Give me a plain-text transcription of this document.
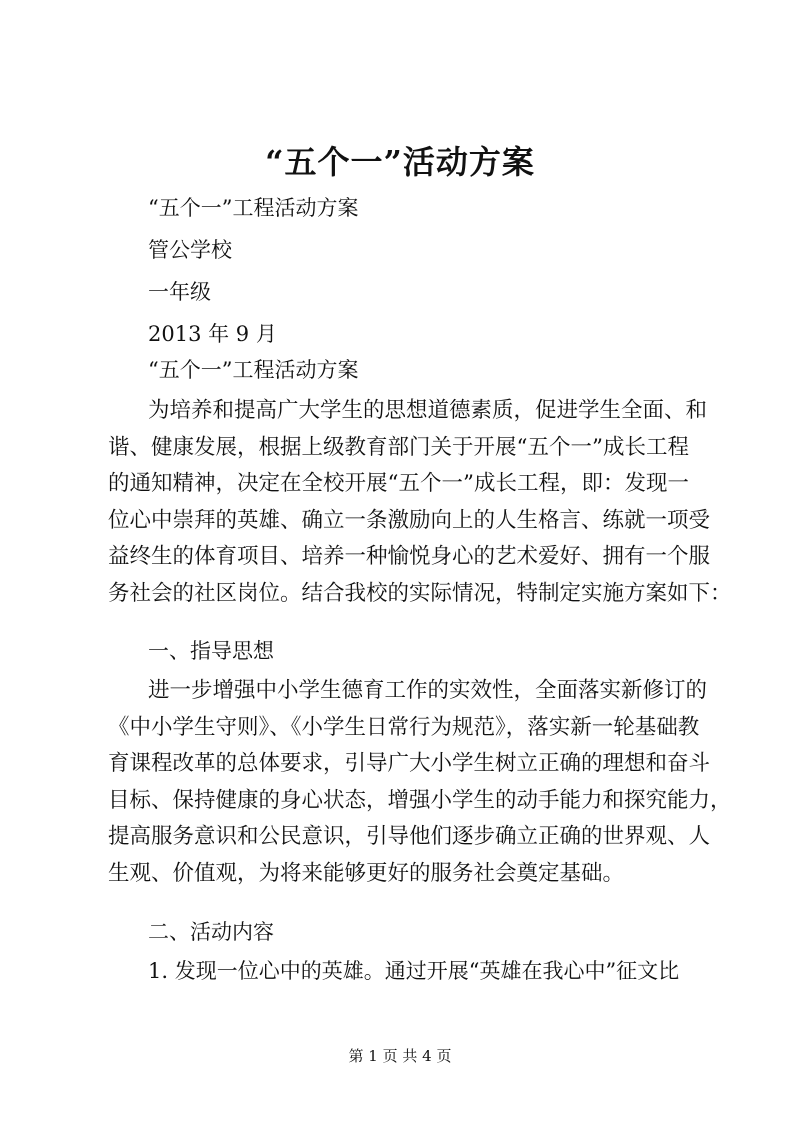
“五个一”活动方案
“五个一”工程活动方案
管公学校
一年级
2013 年 9 月
“五个一”工程活动方案
为培养和提高广大学生的思想道德素质，促进学生全面、和
谐、健康发展，根据上级教育部门关于开展“五个一”成长工程
的通知精神，决定在全校开展“五个一”成长工程，即：发现一
位心中崇拜的英雄、确立一条激励向上的人生格言、练就一项受
益终生的体育项目、培养一种愉悦身心的艺术爱好、拥有一个服
务社会的社区岗位。结合我校的实际情况，特制定实施方案如下：
一、指导思想
进一步增强中小学生德育工作的实效性，全面落实新修订的
《中小学生守则》、《小学生日常行为规范》，落实新一轮基础教
育课程改革的总体要求，引导广大小学生树立正确的理想和奋斗
目标、保持健康的身心状态，增强小学生的动手能力和探究能力，
提高服务意识和公民意识，引导他们逐步确立正确的世界观、人
生观、价值观，为将来能够更好的服务社会奠定基础。
二、活动内容
1. 发现一位心中的英雄。通过开展“英雄在我心中”征文比
第 1 页 共 4 页
